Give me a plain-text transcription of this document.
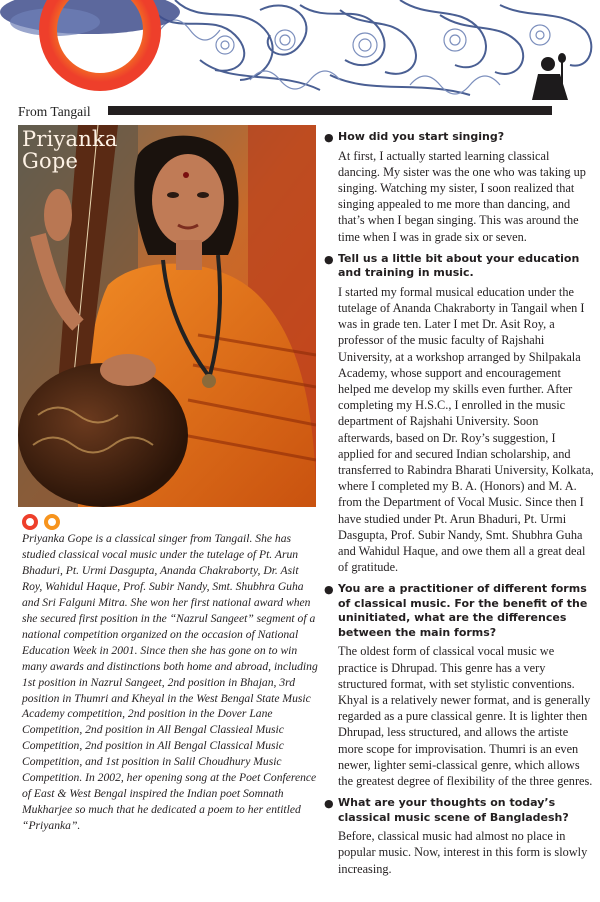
From Tangail
Priyanka
Gope

Priyanka Gope is a classical singer from Tangail. She has studied classical vocal music under the tutelage of Pt. Arun Bhaduri, Pt. Urmi Dasgupta, Ananda Chakraborty, Dr. Asit Roy, Wahidul Haque, Prof. Subir Nandy, Smt. Shubhra Guha and Sri Falguni Mitra. She won her first national award when she secured first position in the “Nazrul Sangeet” segment of a national competition organized on the occasion of National Education Week in 2001. Since then she has gone on to win many awards and distinctions both home and abroad, including 1st position in Nazrul Sangeet, 2nd position in Bhajan, 3rd position in Thumri and Kheyal in the West Bengal State Music Academy competition, 2nd position in the Dover Lane Competition, 2nd position in All Bengal Classieal Music Competition, 2nd position in All Bengal Classical Music Competition, and 1st position in Salil Choudhury Music Competition. In 2002, her opening song at the Poet Conference of East & West Bengal inspired the Indian poet Somnath Mukharjee so much that he dedicated a poem to her entitled “Priyanka”.

● How did you start singing?

At first, I actually started learning classical dancing. My sister was the one who was taking up singing. Watching my sister, I soon realized that singing appealed to me more than dancing, and that’s when I began singing. This was around the time when I was in grade six or seven.

● Tell us a little bit about your education and training in music.

I started my formal musical education under the tutelage of Ananda Chakraborty in Tangail when I was in grade ten. Later I met Dr. Asit Roy, a professor of the music faculty of Rajshahi University, at a workshop arranged by Shilpakala Academy, whose support and encouragement helped me develop my skills even further. After completing my H.S.C., I enrolled in the music department of Rajshahi University. Soon afterwards, based on Dr. Roy’s suggestion, I applied for and secured Indian scholarship, and transferred to Rabindra Bharati University, Kolkata, where I completed my B. A. (Honors) and M. A. from the Department of Vocal Music. Since then I have studied under Pt. Arun Bhaduri, Pt. Urmi Dasgupta, Prof. Subir Nandy, Smt. Shubhra Guha and Wahidul Haque, and owe them all a great deal of gratitude.

● You are a practitioner of different forms of classical music. For the benefit of the uninitiated, what are the differences between the main forms?

The oldest form of classical vocal music we practice is Dhrupad. This genre has a very structured format, with set stylistic conventions. Khyal is a relatively newer format, and is generally regarded as a pure classical genre. It is lighter then Dhrupad, less structured, and allows the artiste more scope for improvisation. Thumri is an even newer, lighter semi-classical genre, which allows the greatest degree of flexibility of the three genres.

● What are your thoughts on today’s classical music scene of Bangladesh?

Before, classical music had almost no place in popular music. Now, interest in this form is slowly increasing.
